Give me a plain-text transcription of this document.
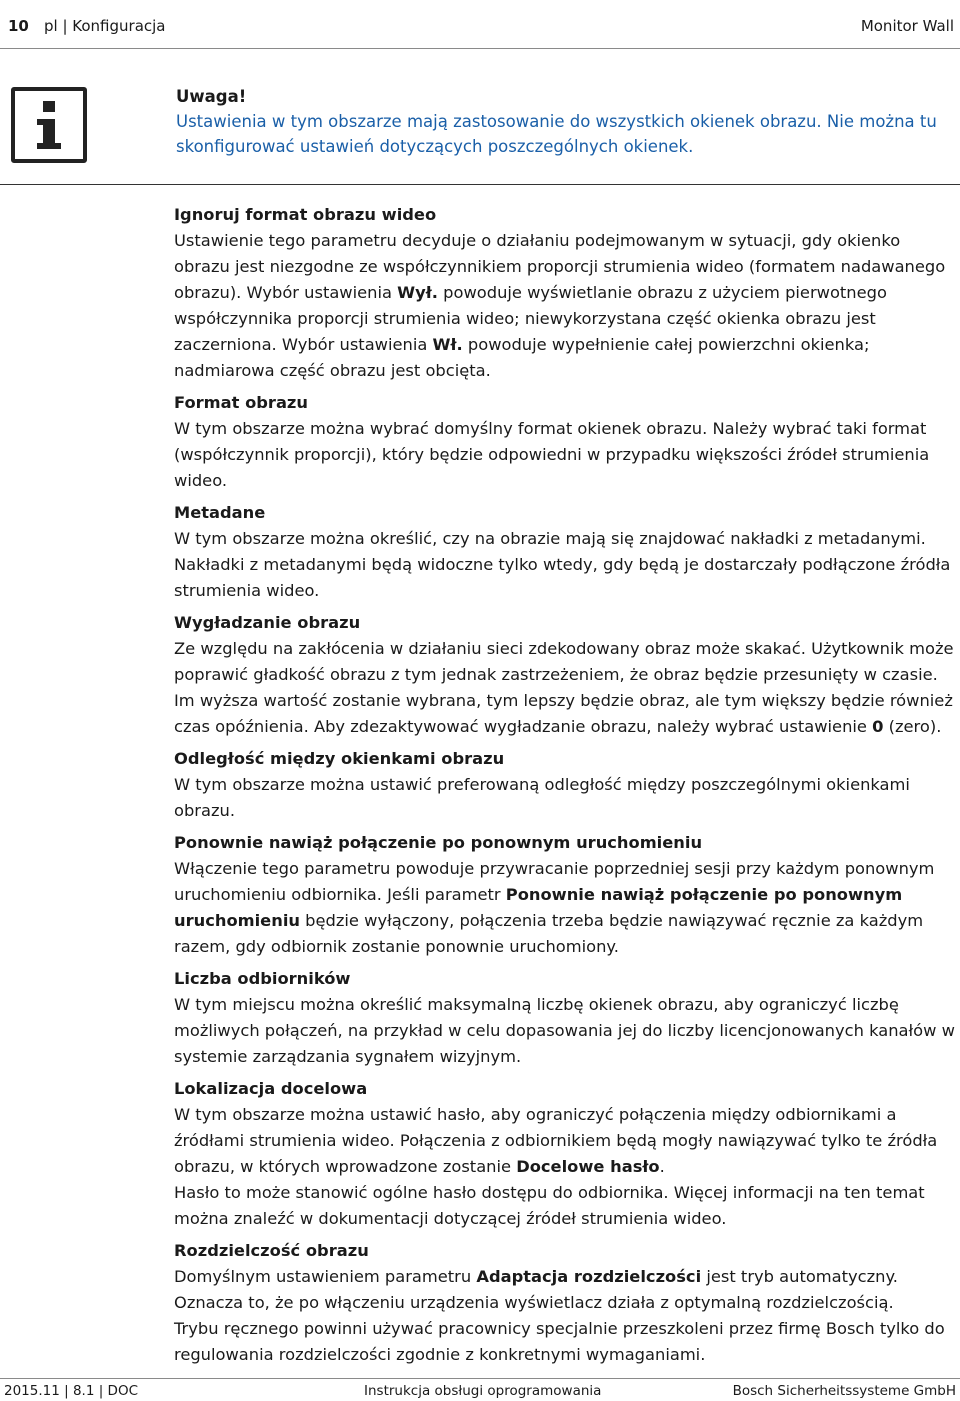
10 pl | Konfiguracja	Monitor Wall
Uwaga!
Ustawienia w tym obszarze mają zastosowanie do wszystkich okienek obrazu. Nie można tu skonfigurować ustawień dotyczących poszczególnych okienek.
Ignoruj format obrazu wideo

Ustawienie tego parametru decyduje o działaniu podejmowanym w sytuacji, gdy okienko obrazu jest niezgodne ze współczynnikiem proporcji strumienia wideo (formatem nadawanego obrazu). Wybór ustawienia Wył. powoduje wyświetlanie obrazu z użyciem pierwotnego współczynnika proporcji strumienia wideo; niewykorzystana część okienka obrazu jest zaczerniona. Wybór ustawienia Wł. powoduje wypełnienie całej powierzchni okienka; nadmiarowa część obrazu jest obcięta.

Format obrazu

W tym obszarze można wybrać domyślny format okienek obrazu. Należy wybrać taki format (współczynnik proporcji), który będzie odpowiedni w przypadku większości źródeł strumienia wideo.

Metadane

W tym obszarze można określić, czy na obrazie mają się znajdować nakładki z metadanymi. Nakładki z metadanymi będą widoczne tylko wtedy, gdy będą je dostarczały podłączone źródła strumienia wideo.

Wygładzanie obrazu

Ze względu na zakłócenia w działaniu sieci zdekodowany obraz może skakać. Użytkownik może poprawić gładkość obrazu z tym jednak zastrzeżeniem, że obraz będzie przesunięty w czasie. Im wyższa wartość zostanie wybrana, tym lepszy będzie obraz, ale tym większy będzie również czas opóźnienia. Aby zdezaktywować wygładzanie obrazu, należy wybrać ustawienie 0 (zero).

Odległość między okienkami obrazu

W tym obszarze można ustawić preferowaną odległość między poszczególnymi okienkami obrazu.

Ponownie nawiąż połączenie po ponownym uruchomieniu

Włączenie tego parametru powoduje przywracanie poprzedniej sesji przy każdym ponownym uruchomieniu odbiornika. Jeśli parametr Ponownie nawiąż połączenie po ponownym uruchomieniu będzie wyłączony, połączenia trzeba będzie nawiązywać ręcznie za każdym razem, gdy odbiornik zostanie ponownie uruchomiony.

Liczba odbiorników

W tym miejscu można określić maksymalną liczbę okienek obrazu, aby ograniczyć liczbę możliwych połączeń, na przykład w celu dopasowania jej do liczby licencjonowanych kanałów w systemie zarządzania sygnałem wizyjnym.

Lokalizacja docelowa

W tym obszarze można ustawić hasło, aby ograniczyć połączenia między odbiornikami a źródłami strumienia wideo. Połączenia z odbiornikiem będą mogły nawiązywać tylko te źródła obrazu, w których wprowadzone zostanie Docelowe hasło.

Hasło to może stanowić ogólne hasło dostępu do odbiornika. Więcej informacji na ten temat można znaleźć w dokumentacji dotyczącej źródeł strumienia wideo.

Rozdzielczość obrazu

Domyślnym ustawieniem parametru Adaptacja rozdzielczości jest tryb automatyczny. Oznacza to, że po włączeniu urządzenia wyświetlacz działa z optymalną rozdzielczością.

Trybu ręcznego powinni używać pracownicy specjalnie przeszkoleni przez firmę Bosch tylko do regulowania rozdzielczości zgodnie z konkretnymi wymaganiami.

2015.11 | 8.1 | DOC	Instrukcja obsługi oprogramowania	Bosch Sicherheitssysteme GmbH
